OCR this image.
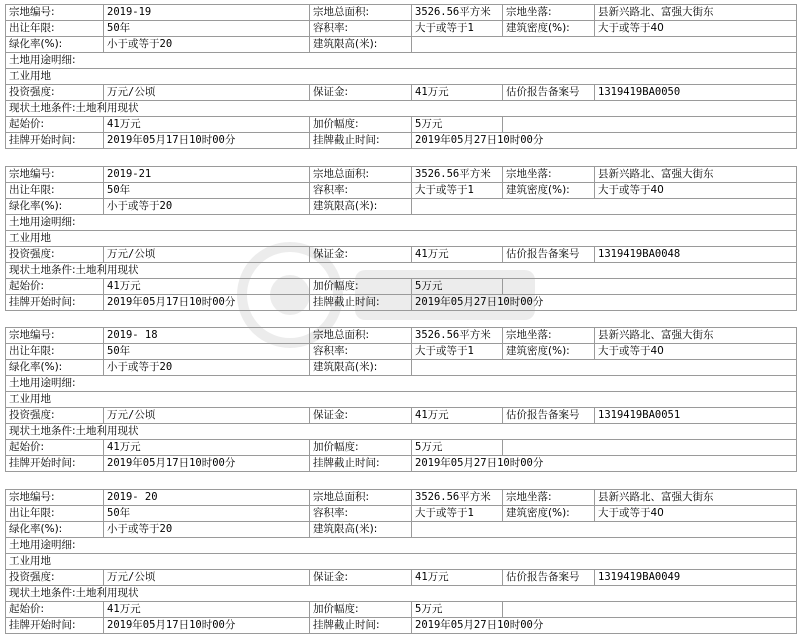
宗地编号:	2019-19	宗地总面积:	3526.56平方米	宗地坐落:	县新兴路北、富强大街东
出让年限:	50年	容积率:	大于或等于1	建筑密度(%):	大于或等于40
绿化率(%):	小于或等于20	建筑限高(米):			
土地用途明细:					
工业用地					
投资强度:	万元/公顷	保证金:	41万元	估价报告备案号	1319419BA0050
现状土地条件:土地利用现状					
起始价:	41万元	加价幅度:	5万元		
挂牌开始时间:	2019年05月17日10时00分	挂牌截止时间:	2019年05月27日10时00分		
宗地编号:	2019-21	宗地总面积:	3526.56平方米	宗地坐落:	县新兴路北、富强大街东
出让年限:	50年	容积率:	大于或等于1	建筑密度(%):	大于或等于40
绿化率(%):	小于或等于20	建筑限高(米):			
土地用途明细:					
工业用地					
投资强度:	万元/公顷	保证金:	41万元	估价报告备案号	1319419BA0048
现状土地条件:土地利用现状					
起始价:	41万元	加价幅度:	5万元		
挂牌开始时间:	2019年05月17日10时00分	挂牌截止时间:	2019年05月27日10时00分		
宗地编号:	2019- 18	宗地总面积:	3526.56平方米	宗地坐落:	县新兴路北、富强大街东
出让年限:	50年	容积率:	大于或等于1	建筑密度(%):	大于或等于40
绿化率(%):	小于或等于20	建筑限高(米):			
土地用途明细:					
工业用地					
投资强度:	万元/公顷	保证金:	41万元	估价报告备案号	1319419BA0051
现状土地条件:土地利用现状					
起始价:	41万元	加价幅度:	5万元		
挂牌开始时间:	2019年05月17日10时00分	挂牌截止时间:	2019年05月27日10时00分		
宗地编号:	2019- 20	宗地总面积:	3526.56平方米	宗地坐落:	县新兴路北、富强大街东
出让年限:	50年	容积率:	大于或等于1	建筑密度(%):	大于或等于40
绿化率(%):	小于或等于20	建筑限高(米):			
土地用途明细:					
工业用地					
投资强度:	万元/公顷	保证金:	41万元	估价报告备案号	1319419BA0049
现状土地条件:土地利用现状					
起始价:	41万元	加价幅度:	5万元		
挂牌开始时间:	2019年05月17日10时00分	挂牌截止时间:	2019年05月27日10时00分		
